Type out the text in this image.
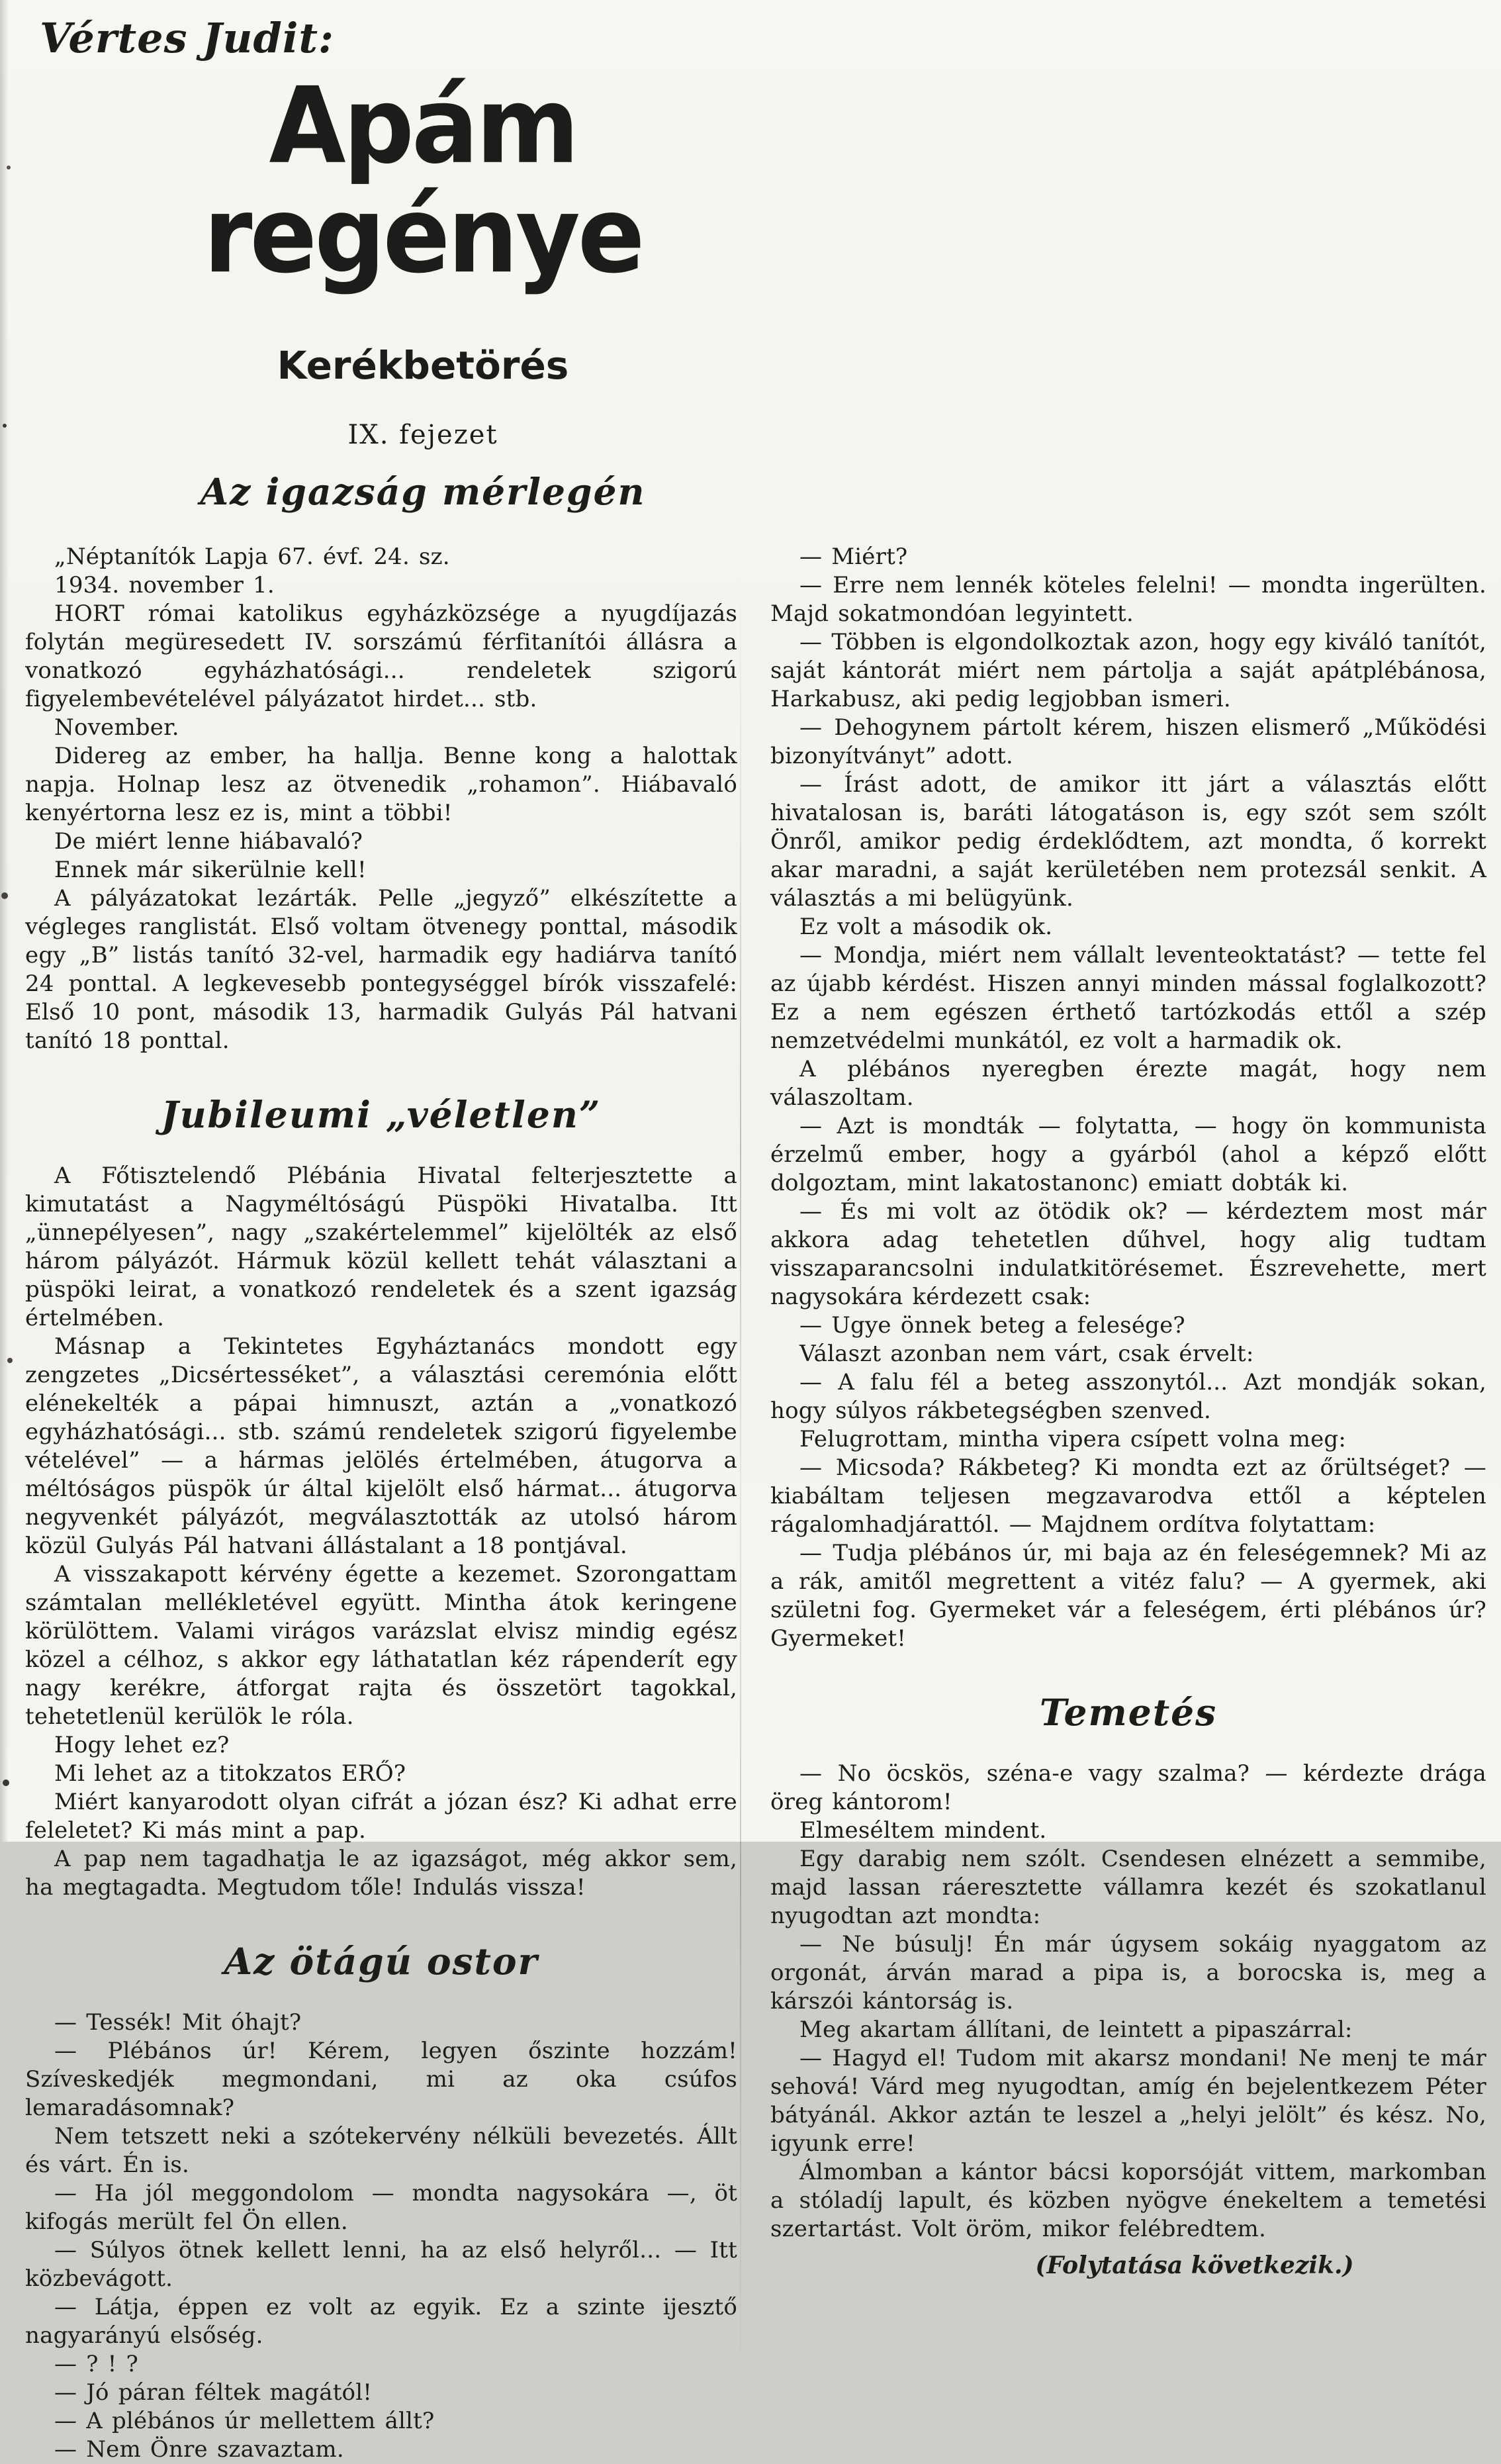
Vértes Judit:
Apám regénye
Kerékbetörés
IX. fejezet
Az igazság mérlegén

„Néptanítók Lapja 67. évf. 24. sz.

1934. november 1.

HORT római katolikus egyházközsége a nyugdíjazás folytán megüresedett IV. sorszámú férfitanítói állásra a vonatkozó egyházhatósági... rendeletek szigorú figyelembevételével pályázatot hirdet... stb.

November.

Didereg az ember, ha hallja. Benne kong a halottak napja. Holnap lesz az ötvenedik „rohamon”. Hiábavaló kenyértorna lesz ez is, mint a többi!

De miért lenne hiábavaló?

Ennek már sikerülnie kell!

A pályázatokat lezárták. Pelle „jegyző” elkészítette a végleges ranglistát. Első voltam ötvenegy ponttal, második egy „B” listás tanító 32-vel, harmadik egy hadiárva tanító 24 ponttal. A legkevesebb pontegységgel bírók visszafelé: Első 10 pont, második 13, harmadik Gulyás Pál hatvani tanító 18 ponttal.

Jubileumi „véletlen”

A Főtisztelendő Plébánia Hivatal felterjesztette a kimutatást a Nagyméltóságú Püspöki Hivatalba. Itt „ünnepélyesen”, nagy „szakértelemmel” kijelölték az első három pályázót. Hármuk közül kellett tehát választani a püspöki leirat, a vonatkozó rendeletek és a szent igazság értelmében.

Másnap a Tekintetes Egyháztanács mondott egy zengzetes „Dicsértesséket”, a választási ceremónia előtt elénekelték a pápai himnuszt, aztán a „vonatkozó egyházhatósági... stb. számú rendeletek szigorú figyelembe vételével” — a hármas jelölés értelmében, átugorva a méltóságos püspök úr által kijelölt első hármat... átugorva negyvenkét pályázót, megválasztották az utolsó három közül Gulyás Pál hatvani állástalant a 18 pontjával.

A visszakapott kérvény égette a kezemet. Szorongattam számtalan mellékletével együtt. Mintha átok keringene körülöttem. Valami virágos varázslat elvisz mindig egész közel a célhoz, s akkor egy láthatatlan kéz rápenderít egy nagy kerékre, átforgat rajta és összetört tagokkal, tehetetlenül kerülök le róla.

Hogy lehet ez?

Mi lehet az a titokzatos ERŐ?

Miért kanyarodott olyan cifrát a józan ész? Ki adhat erre feleletet? Ki más mint a pap.

A pap nem tagadhatja le az igazságot, még akkor sem, ha megtagadta. Megtudom tőle! Indulás vissza!

Az ötágú ostor

— Tessék! Mit óhajt?

— Plébános úr! Kérem, legyen őszinte hozzám! Szíveskedjék megmondani, mi az oka csúfos lemaradásomnak?

Nem tetszett neki a szótekervény nélküli bevezetés. Állt és várt. Én is.

— Ha jól meggondolom — mondta nagysokára —, öt kifogás merült fel Ön ellen.

— Súlyos ötnek kellett lenni, ha az első helyről... — Itt közbevágott.

— Látja, éppen ez volt az egyik. Ez a szinte ijesztő nagyarányú elsőség.

— ? ! ?

— Jó páran féltek magától!

— A plébános úr mellettem állt?

— Nem Önre szavaztam.

— Miért?

— Erre nem lennék köteles felelni! — mondta ingerülten. Majd sokatmondóan legyintett.

— Többen is elgondolkoztak azon, hogy egy kiváló tanítót, saját kántorát miért nem pártolja a saját apátplébánosa, Harkabusz, aki pedig legjobban ismeri.

— Dehogynem pártolt kérem, hiszen elismerő „Működési bizonyítványt” adott.

— Írást adott, de amikor itt járt a választás előtt hivatalosan is, baráti látogatáson is, egy szót sem szólt Önről, amikor pedig érdeklődtem, azt mondta, ő korrekt akar maradni, a saját kerületében nem protezsál senkit. A választás a mi belügyünk.

Ez volt a második ok.

— Mondja, miért nem vállalt leventeoktatást? — tette fel az újabb kérdést. Hiszen annyi minden mással foglalkozott? Ez a nem egészen érthető tartózkodás ettől a szép nemzetvédelmi munkától, ez volt a harmadik ok.

A plébános nyeregben érezte magát, hogy nem válaszoltam.

— Azt is mondták — folytatta, — hogy ön kommunista érzelmű ember, hogy a gyárból (ahol a képző előtt dolgoztam, mint lakatostanonc) emiatt dobták ki.

— És mi volt az ötödik ok? — kérdeztem most már akkora adag tehetetlen dűhvel, hogy alig tudtam visszaparancsolni indulatkitörésemet. Észrevehette, mert nagysokára kérdezett csak:

— Ugye önnek beteg a felesége?

Választ azonban nem várt, csak érvelt:

— A falu fél a beteg asszonytól... Azt mondják sokan, hogy súlyos rákbetegségben szenved.

Felugrottam, mintha vipera csípett volna meg:

— Micsoda? Rákbeteg? Ki mondta ezt az őrültséget? — kiabáltam teljesen megzavarodva ettől a képtelen rágalomhadjárattól. — Majdnem ordítva folytattam:

— Tudja plébános úr, mi baja az én feleségemnek? Mi az a rák, amitől megrettent a vitéz falu? — A gyermek, aki születni fog. Gyermeket vár a feleségem, érti plébános úr? Gyermeket!

Temetés

— No öcskös, széna-e vagy szalma? — kérdezte drága öreg kántorom!

Elmeséltem mindent.

Egy darabig nem szólt. Csendesen elnézett a semmibe, majd lassan ráeresztette vállamra kezét és szokatlanul nyugodtan azt mondta:

— Ne búsulj! Én már úgysem sokáig nyaggatom az orgonát, árván marad a pipa is, a borocska is, meg a kárszói kántorság is.

Meg akartam állítani, de leintett a pipaszárral:

— Hagyd el! Tudom mit akarsz mondani! Ne menj te már sehová! Várd meg nyugodtan, amíg én bejelentkezem Péter bátyánál. Akkor aztán te leszel a „helyi jelölt” és kész. No, igyunk erre!

Álmomban a kántor bácsi koporsóját vittem, markomban a stóladíj lapult, és közben nyögve énekeltem a temetési szertartást. Volt öröm, mikor felébredtem.

(Folytatása következik.)
